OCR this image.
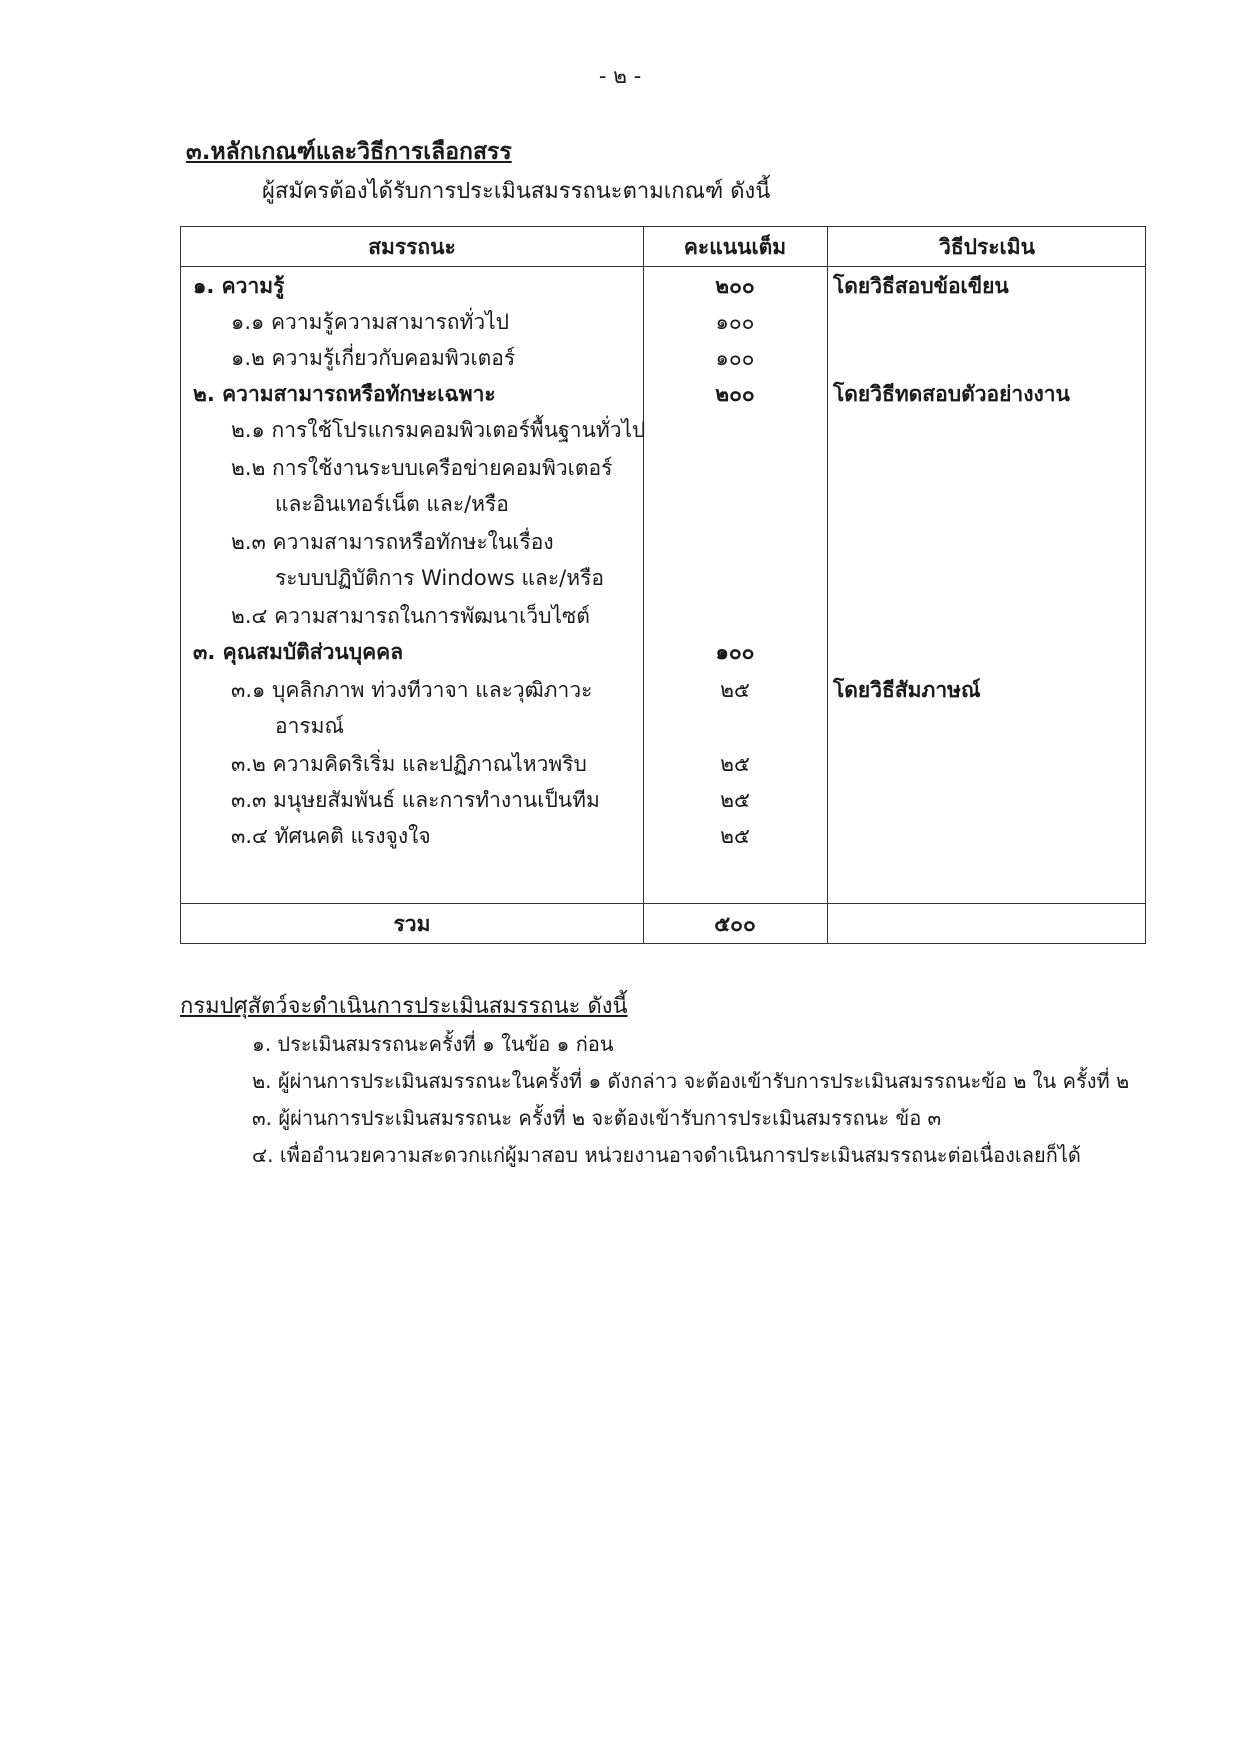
- ๒ -
๓.หลักเกณฑ์และวิธีการเลือกสรร
ผู้สมัครต้องได้รับการประเมินสมรรถนะตามเกณฑ์ ดังนี้
สมรรถนะ	คะแนนเต็ม	วิธีประเมิน
๑. ความรู้	๒๐๐	โดยวิธีสอบข้อเขียน
๑.๑ ความรู้ความสามารถทั่วไป	๑๐๐
๑.๒ ความรู้เกี่ยวกับคอมพิวเตอร์	๑๐๐
๒. ความสามารถหรือทักษะเฉพาะ	๒๐๐	โดยวิธีทดสอบตัวอย่างงาน
๒.๑ การใช้โปรแกรมคอมพิวเตอร์พื้นฐานทั่วไป
๒.๒ การใช้งานระบบเครือข่ายคอมพิวเตอร์
และอินเทอร์เน็ต และ/หรือ
๒.๓ ความสามารถหรือทักษะในเรื่อง
ระบบปฏิบัติการ Windows และ/หรือ
๒.๔ ความสามารถในการพัฒนาเว็บไซต์
๓. คุณสมบัติส่วนบุคคล	๑๐๐
๓.๑ บุคลิกภาพ ท่วงทีวาจา และวุฒิภาวะ	๒๕	โดยวิธีสัมภาษณ์
อารมณ์
๓.๒ ความคิดริเริ่ม และปฏิภาณไหวพริบ	๒๕
๓.๓ มนุษยสัมพันธ์ และการทำงานเป็นทีม	๒๕
๓.๔ ทัศนคติ แรงจูงใจ	๒๕
รวม	๕๐๐
กรมปศุสัตว์จะดำเนินการประเมินสมรรถนะ ดังนี้
๑. ประเมินสมรรถนะครั้งที่ ๑ ในข้อ ๑ ก่อน
๒. ผู้ผ่านการประเมินสมรรถนะในครั้งที่ ๑ ดังกล่าว จะต้องเข้ารับการประเมินสมรรถนะข้อ ๒ ใน ครั้งที่ ๒
๓. ผู้ผ่านการประเมินสมรรถนะ ครั้งที่ ๒ จะต้องเข้ารับการประเมินสมรรถนะ ข้อ ๓
๔. เพื่ออำนวยความสะดวกแก่ผู้มาสอบ หน่วยงานอาจดำเนินการประเมินสมรรถนะต่อเนื่องเลยก็ได้
